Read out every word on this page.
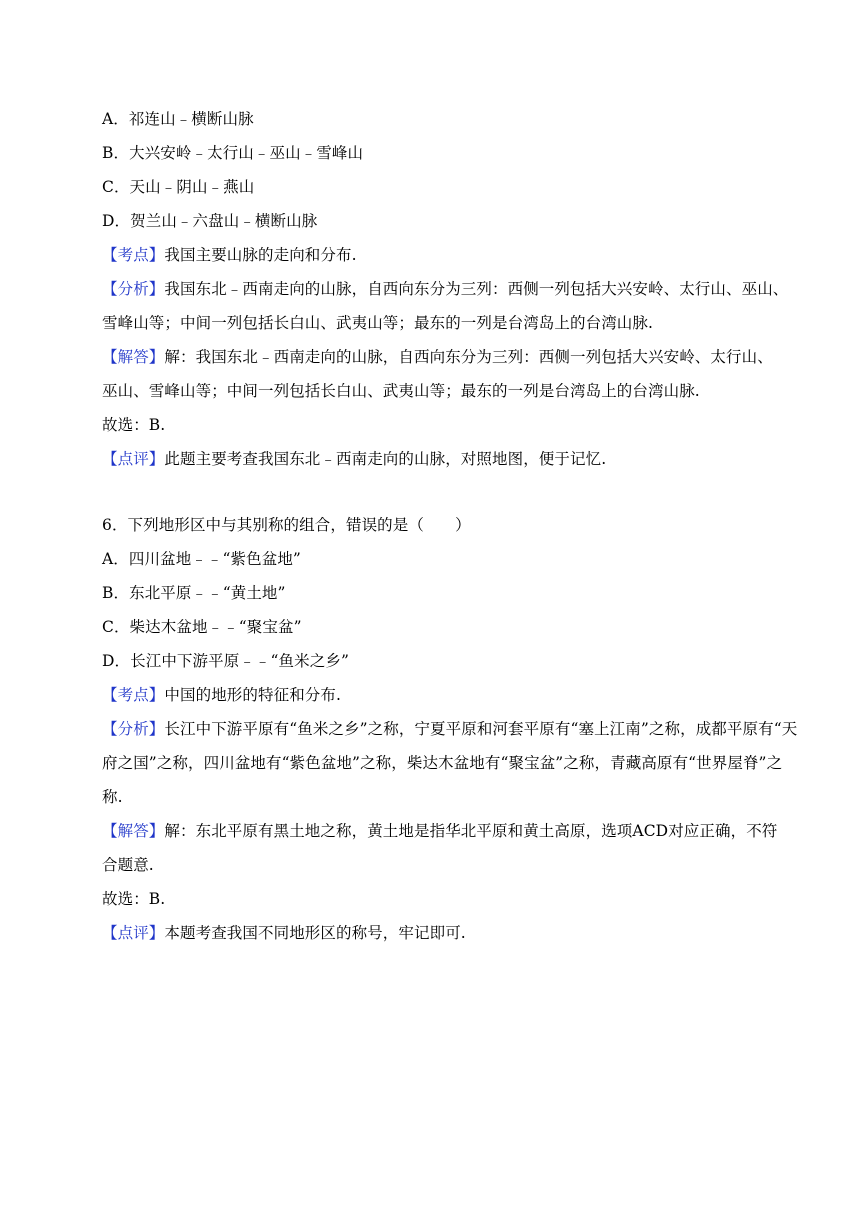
A．祁连山﹣横断山脉
B．大兴安岭﹣太行山﹣巫山﹣雪峰山
C．天山﹣阴山﹣燕山
D．贺兰山﹣六盘山﹣横断山脉
【考点】我国主要山脉的走向和分布.
【分析】我国东北﹣西南走向的山脉，自西向东分为三列：西侧一列包括大兴安岭、太行山、巫山、
雪峰山等；中间一列包括长白山、武夷山等；最东的一列是台湾岛上的台湾山脉.
【解答】解：我国东北﹣西南走向的山脉，自西向东分为三列：西侧一列包括大兴安岭、太行山、
巫山、雪峰山等；中间一列包括长白山、武夷山等；最东的一列是台湾岛上的台湾山脉.
故选：B.
【点评】此题主要考查我国东北﹣西南走向的山脉，对照地图，便于记忆.
6．下列地形区中与其别称的组合，错误的是（　　）
A．四川盆地﹣﹣“紫色盆地”
B．东北平原﹣﹣“黄土地”
C．柴达木盆地﹣﹣“聚宝盆”
D．长江中下游平原﹣﹣“鱼米之乡”
【考点】中国的地形的特征和分布.
【分析】长江中下游平原有“鱼米之乡”之称，宁夏平原和河套平原有“塞上江南”之称，成都平原有“天
府之国”之称，四川盆地有“紫色盆地”之称，柴达木盆地有“聚宝盆”之称，青藏高原有“世界屋脊”之
称.
【解答】解：东北平原有黑土地之称，黄土地是指华北平原和黄土高原，选项ACD对应正确，不符
合题意.
故选：B.
【点评】本题考查我国不同地形区的称号，牢记即可.
